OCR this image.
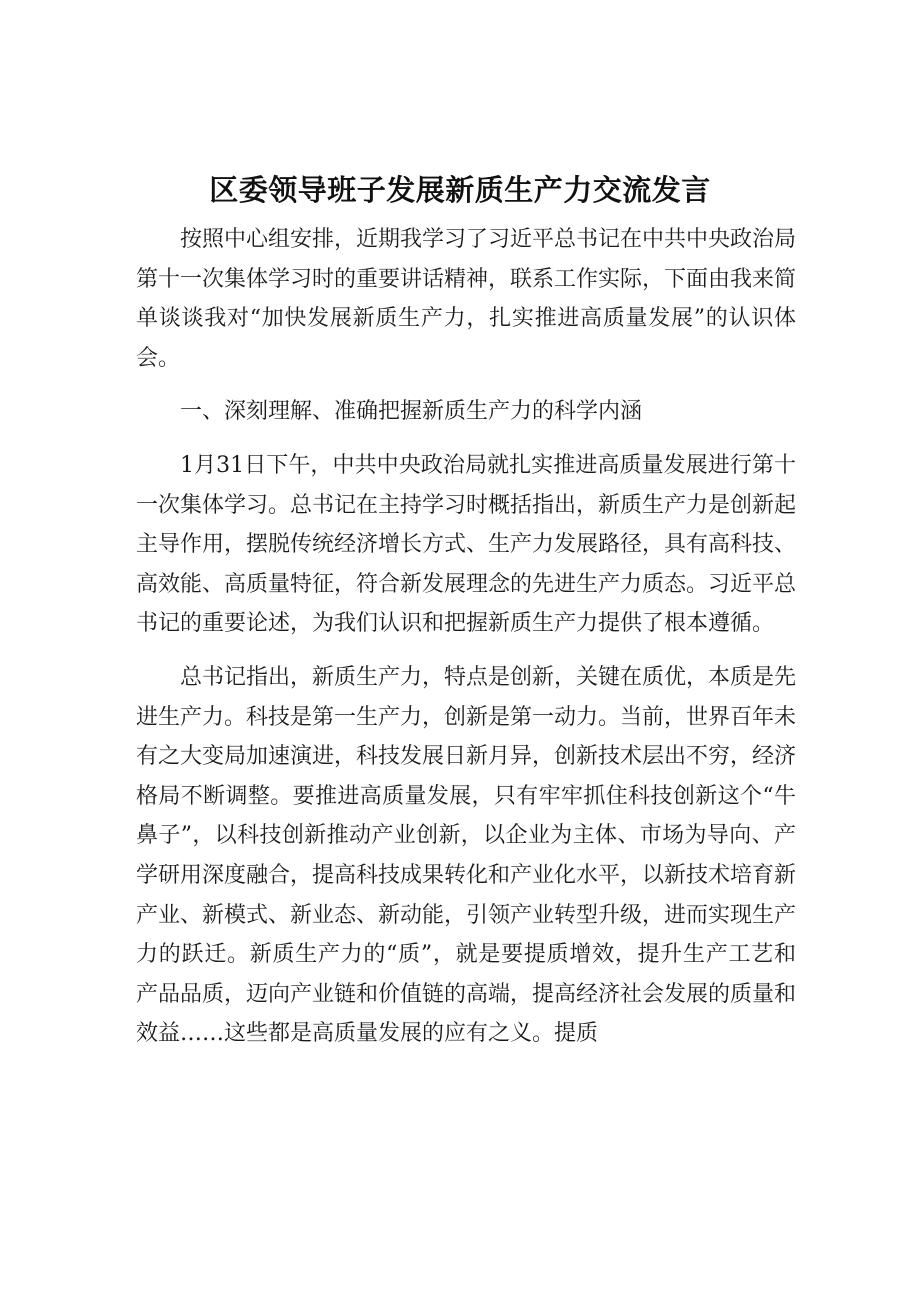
区委领导班子发展新质生产力交流发言

按照中心组安排，近期我学习了习近平总书记在中共中央政治局第十一次集体学习时的重要讲话精神，联系工作实际，下面由我来简单谈谈我对“加快发展新质生产力，扎实推进高质量发展”的认识体会。

一、深刻理解、准确把握新质生产力的科学内涵

1月31日下午，中共中央政治局就扎实推进高质量发展进行第十一次集体学习。总书记在主持学习时概括指出，新质生产力是创新起主导作用，摆脱传统经济增长方式、生产力发展路径，具有高科技、高效能、高质量特征，符合新发展理念的先进生产力质态。习近平总书记的重要论述，为我们认识和把握新质生产力提供了根本遵循。

总书记指出，新质生产力，特点是创新，关键在质优，本质是先进生产力。科技是第一生产力，创新是第一动力。当前，世界百年未有之大变局加速演进，科技发展日新月异，创新技术层出不穷，经济格局不断调整。要推进高质量发展，只有牢牢抓住科技创新这个“牛鼻子”，以科技创新推动产业创新，以企业为主体、市场为导向、产学研用深度融合，提高科技成果转化和产业化水平，以新技术培育新产业、新模式、新业态、新动能，引领产业转型升级，进而实现生产力的跃迁。新质生产力的“质”，就是要提质增效，提升生产工艺和产品品质，迈向产业链和价值链的高端，提高经济社会发展的质量和效益……这些都是高质量发展的应有之义。提质
